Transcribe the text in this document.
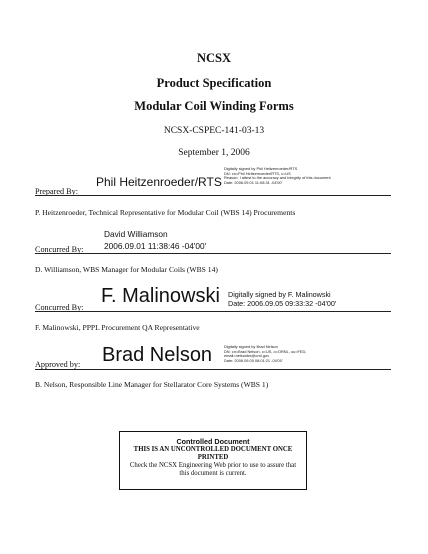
NCSX
Product Specification
Modular Coil Winding Forms
NCSX-CSPEC-141-03-13
September 1, 2006
Prepared By:
Phil Heitzenroeder/RTS
Digitally signed by Phil Heitzenroeder/RTS
DN: cn=Phil Heitzenroeder/RTS, c=US
Reason: I attest to the accuracy and integrity of this document
Date: 2006.09.01 11:08:31 -04'00'
P. Heitzenroeder, Technical Representative for Modular Coil (WBS 14) Procurements
Concurred By:
David Williamson
2006.09.01 11:38:46 -04'00'
D. Williamson, WBS Manager for Modular Coils (WBS 14)
Concurred By:
F. Malinowski Digitally signed by F. Malinowski
Date: 2006.09.05 09:33:32 -04'00'
F. Malinowski, PPPL Procurement QA Representative
Approved by: Brad Nelson	Digitally signed by Brad Nelson
DN: cn=Brad Nelson, c=US, o=ORNL, ou=FED,
email=nelsonbe@ornl.gov
Date: 2006.09.05 08:01:21 -04'00'
B. Nelson, Responsible Line Manager for Stellarator Core Systems (WBS 1)
Controlled Document
THIS IS AN UNCONTROLLED DOCUMENT ONCE PRINTED
Check the NCSX Engineering Web prior to use to assure that this document is current.
